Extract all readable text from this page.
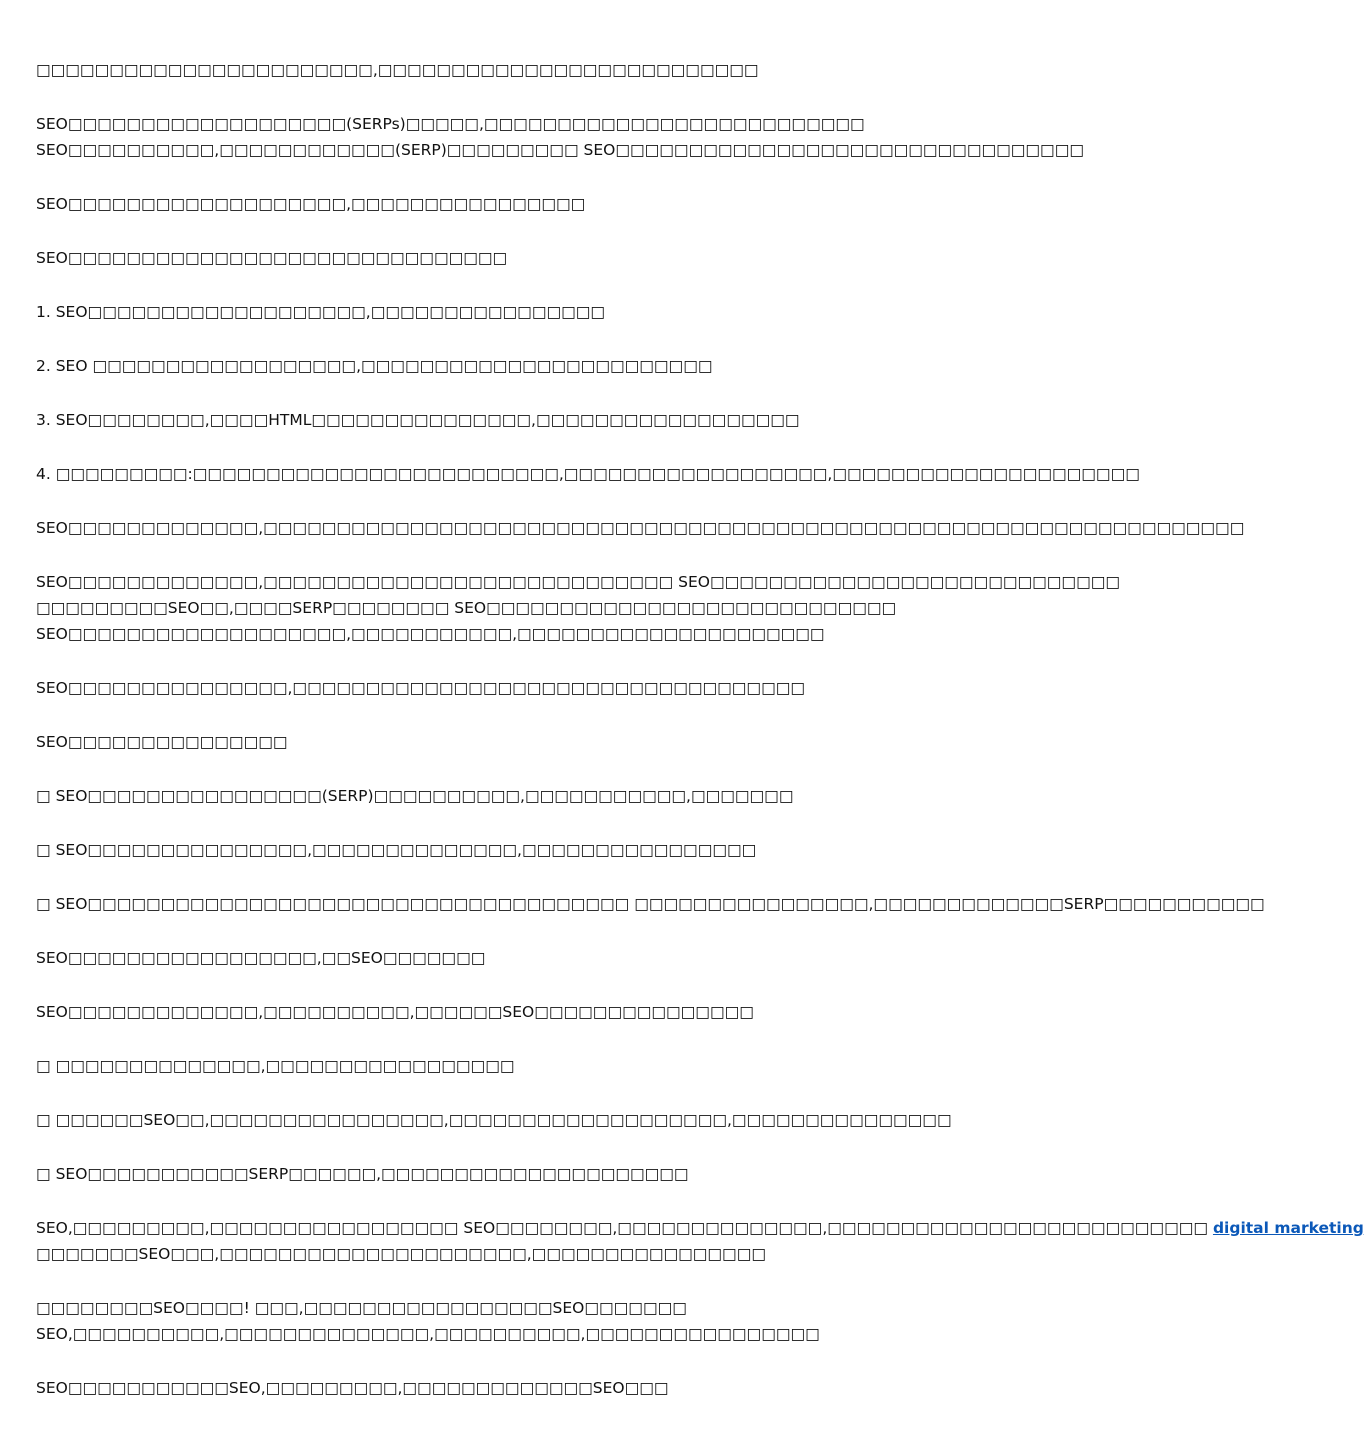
□□□□□□□□□□□□□□□□□□□□□□□,□□□□□□□□□□□□□□□□□□□□□□□□□□

SEO□□□□□□□□□□□□□□□□□□□(SERPs)□□□□□,□□□□□□□□□□□□□□□□□□□□□□□□□□
SEO□□□□□□□□□□,□□□□□□□□□□□□(SERP)□□□□□□□□□ SEO□□□□□□□□□□□□□□□□□□□□□□□□□□□□□□□□

SEO□□□□□□□□□□□□□□□□□□□,□□□□□□□□□□□□□□□□

SEO□□□□□□□□□□□□□□□□□□□□□□□□□□□□□□

1. SEO□□□□□□□□□□□□□□□□□□□,□□□□□□□□□□□□□□□□

2. SEO □□□□□□□□□□□□□□□□□□,□□□□□□□□□□□□□□□□□□□□□□□□

3. SEO□□□□□□□□,□□□□HTML□□□□□□□□□□□□□□□,□□□□□□□□□□□□□□□□□□

4. □□□□□□□□□:□□□□□□□□□□□□□□□□□□□□□□□□□,□□□□□□□□□□□□□□□□□□,□□□□□□□□□□□□□□□□□□□□□

SEO□□□□□□□□□□□□□,□□□□□□□□□□□□□□□□□□□□□□□□□□□□□□□□□□□□□□□□□□□□□□□□□□□□□□□□□□□□□□□□□□□

SEO□□□□□□□□□□□□□,□□□□□□□□□□□□□□□□□□□□□□□□□□□□ SEO□□□□□□□□□□□□□□□□□□□□□□□□□□□□
□□□□□□□□□SEO□□,□□□□SERP□□□□□□□□ SEO□□□□□□□□□□□□□□□□□□□□□□□□□□□□
SEO□□□□□□□□□□□□□□□□□□□,□□□□□□□□□□□,□□□□□□□□□□□□□□□□□□□□□

SEO□□□□□□□□□□□□□□□,□□□□□□□□□□□□□□□□□□□□□□□□□□□□□□□□□□□

SEO□□□□□□□□□□□□□□□

□ SEO□□□□□□□□□□□□□□□□(SERP)□□□□□□□□□□,□□□□□□□□□□□,□□□□□□□

□ SEO□□□□□□□□□□□□□□□,□□□□□□□□□□□□□□,□□□□□□□□□□□□□□□□

□ SEO□□□□□□□□□□□□□□□□□□□□□□□□□□□□□□□□□□□□□ □□□□□□□□□□□□□□□□,□□□□□□□□□□□□□SERP□□□□□□□□□□□

SEO□□□□□□□□□□□□□□□□□,□□SEO□□□□□□□

SEO□□□□□□□□□□□□□,□□□□□□□□□□,□□□□□□SEO□□□□□□□□□□□□□□□

□ □□□□□□□□□□□□□□,□□□□□□□□□□□□□□□□□

□ □□□□□□SEO□□,□□□□□□□□□□□□□□□□,□□□□□□□□□□□□□□□□□□□,□□□□□□□□□□□□□□□

□ SEO□□□□□□□□□□□SERP□□□□□□,□□□□□□□□□□□□□□□□□□□□□

SEO,□□□□□□□□□,□□□□□□□□□□□□□□□□□ SEO□□□□□□□□,□□□□□□□□□□□□□□,□□□□□□□□□□□□□□□□□□□□□□□□□□ digital marketing
□□□□□□□SEO□□□,□□□□□□□□□□□□□□□□□□□□□,□□□□□□□□□□□□□□□□

□□□□□□□□SEO□□□□! □□□,□□□□□□□□□□□□□□□□□SEO□□□□□□□
SEO,□□□□□□□□□□,□□□□□□□□□□□□□□,□□□□□□□□□□,□□□□□□□□□□□□□□□□

SEO□□□□□□□□□□□SEO,□□□□□□□□□,□□□□□□□□□□□□□SEO□□□
